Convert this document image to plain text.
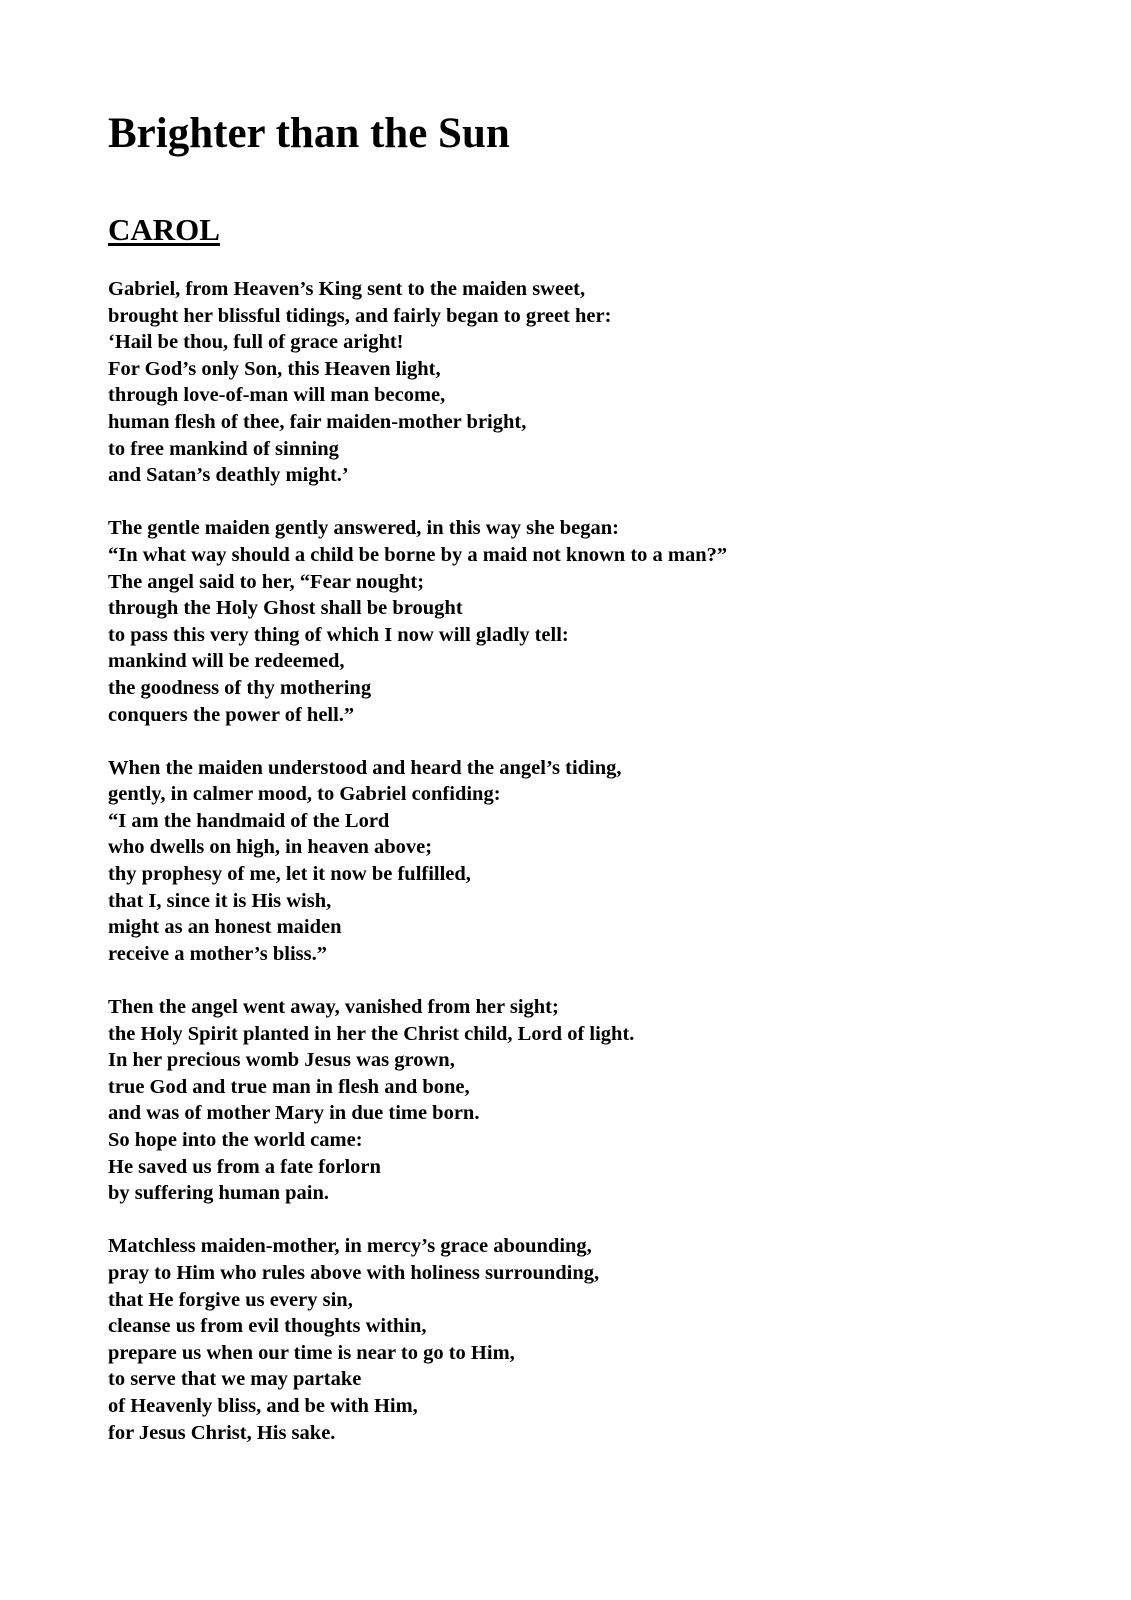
Brighter than the Sun
CAROL
Gabriel, from Heaven’s King sent to the maiden sweet,
brought her blissful tidings, and fairly began to greet her:
‘Hail be thou, full of grace aright!
For God’s only Son, this Heaven light,
through love-of-man will man become,
human flesh of thee, fair maiden-mother bright,
to free mankind of sinning
and Satan’s deathly might.’
The gentle maiden gently answered, in this way she began:
“In what way should a child be borne by a maid not known to a man?”
The angel said to her, “Fear nought;
through the Holy Ghost shall be brought
to pass this very thing of which I now will gladly tell:
mankind will be redeemed,
the goodness of thy mothering
conquers the power of hell.”
When the maiden understood and heard the angel’s tiding,
gently, in calmer mood, to Gabriel confiding:
“I am the handmaid of the Lord
who dwells on high, in heaven above;
thy prophesy of me, let it now be fulfilled,
that I, since it is His wish,
might as an honest maiden
receive a mother’s bliss.”
Then the angel went away, vanished from her sight;
the Holy Spirit planted in her the Christ child, Lord of light.
In her precious womb Jesus was grown,
true God and true man in flesh and bone,
and was of mother Mary in due time born.
So hope into the world came:
He saved us from a fate forlorn
by suffering human pain.
Matchless maiden-mother, in mercy’s grace abounding,
pray to Him who rules above with holiness surrounding,
that He forgive us every sin,
cleanse us from evil thoughts within,
prepare us when our time is near to go to Him,
to serve that we may partake
of Heavenly bliss, and be with Him,
for Jesus Christ, His sake.
